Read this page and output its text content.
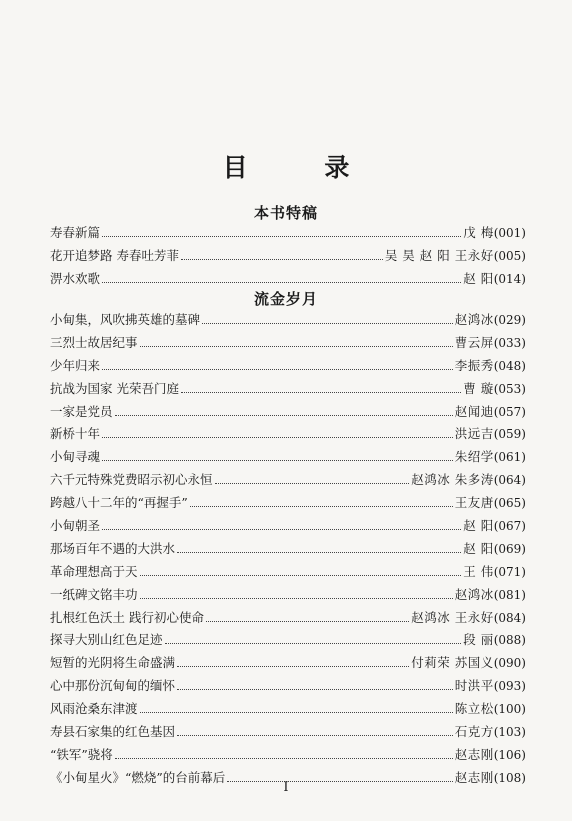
目 录
本书特稿
寿春新篇	戊 梅 (001)
花开追梦路 寿春吐芳菲	吴 昊 赵 阳 王永好 (005)
淠水欢歌	赵 阳 (014)
流金岁月
小甸集，风吹拂英雄的墓碑	赵鸿冰 (029)
三烈士故居纪事	曹云屏 (033)
少年归来	李振秀 (048)
抗战为国家 光荣吾门庭	曹 璇 (053)
一家是党员	赵闻迪 (057)
新桥十年	洪远吉 (059)
小甸寻魂	朱绍学 (061)
六千元特殊党费昭示初心永恒	赵鸿冰 朱多涛 (064)
跨越八十二年的“再握手”	王友唐 (065)
小甸朝圣	赵 阳 (067)
那场百年不遇的大洪水	赵 阳 (069)
革命理想高于天	王 伟 (071)
一纸碑文铭丰功	赵鸿冰 (081)
扎根红色沃土 践行初心使命	赵鸿冰 王永好 (084)
探寻大别山红色足迹	段 丽 (088)
短暂的光阴将生命盛满	付莉荣 苏国义 (090)
心中那份沉甸甸的缅怀	时洪平 (093)
风雨沧桑东津渡	陈立松 (100)
寿县石家集的红色基因	石克方 (103)
“铁军”骁将	赵志刚 (106)
《小甸星火》“燃烧”的台前幕后	赵志刚 (108)
I
